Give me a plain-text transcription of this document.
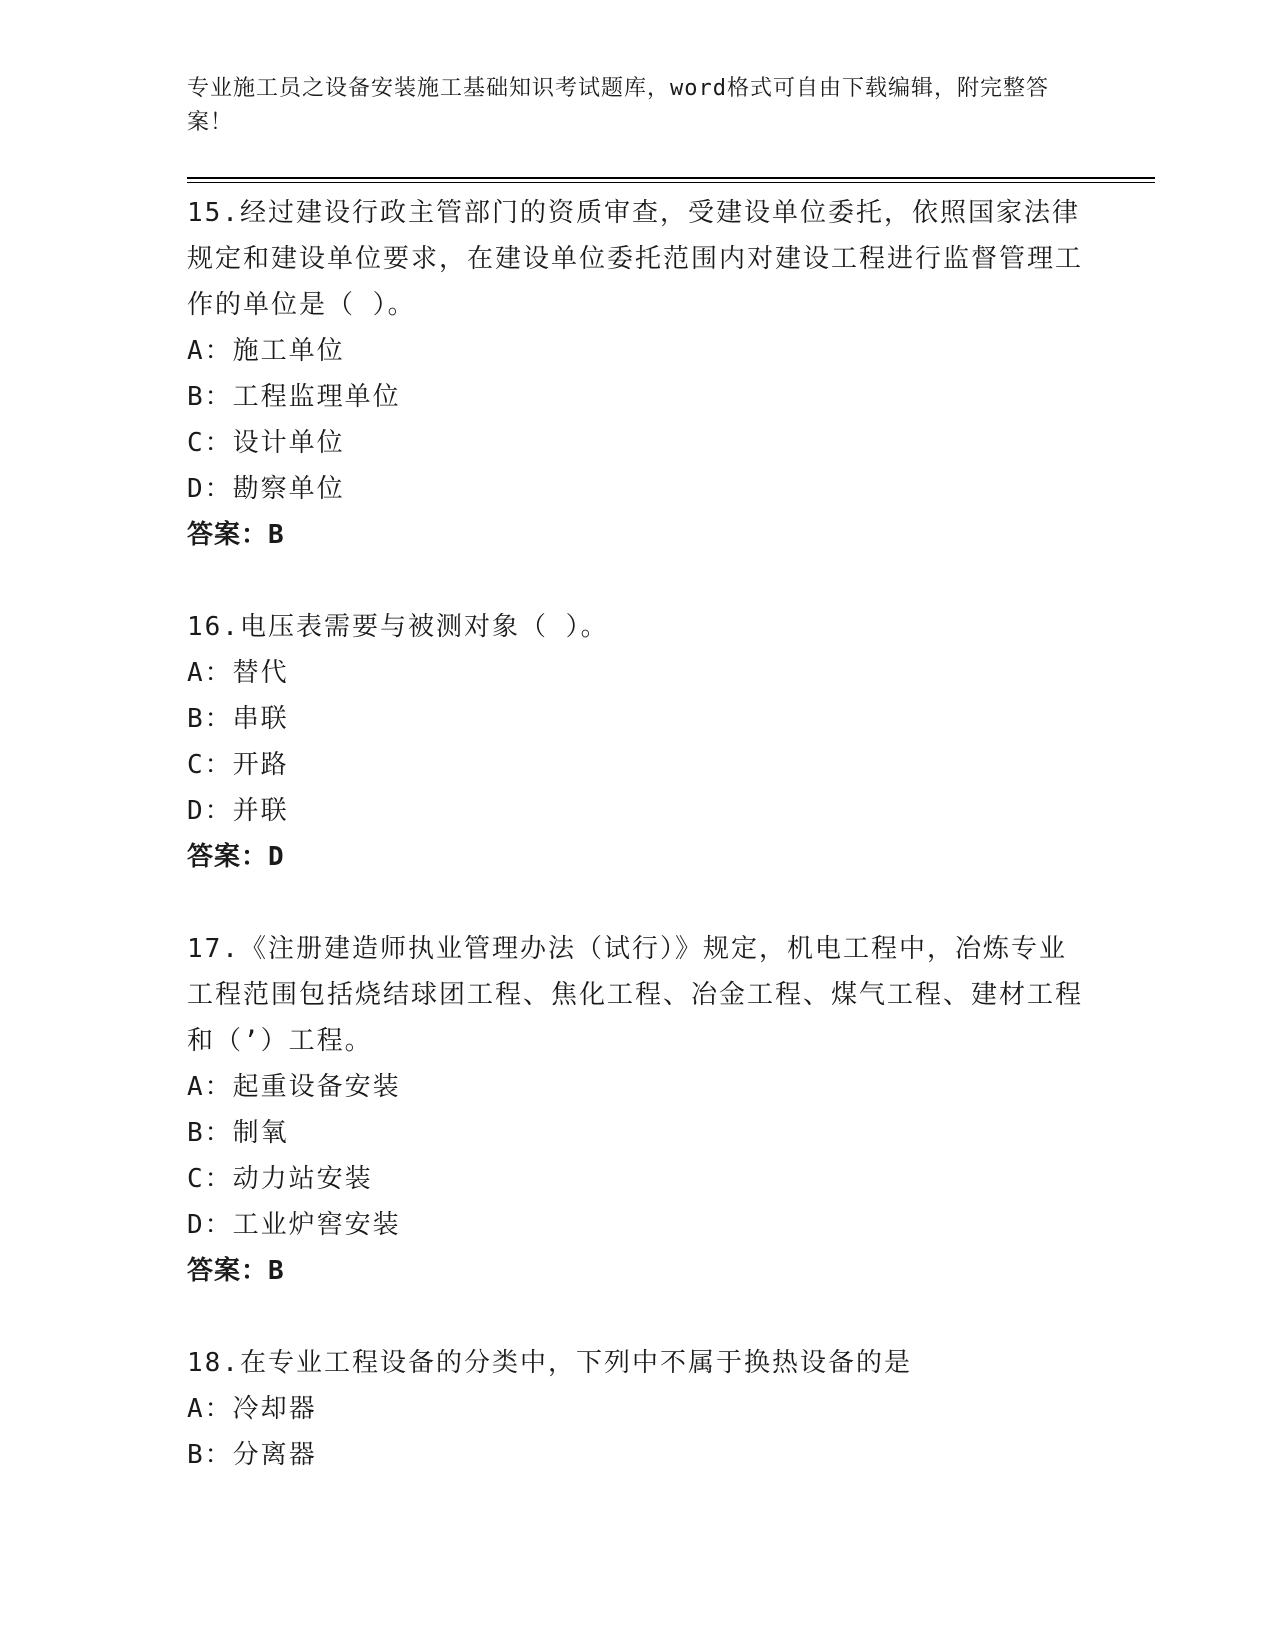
专业施工员之设备安装施工基础知识考试题库，word格式可自由下载编辑，附完整答案！

15.经过建设行政主管部门的资质审查，受建设单位委托，依照国家法律规定和建设单位要求，在建设单位委托范围内对建设工程进行监督管理工作的单位是（ ）。

A：施工单位

B：工程监理单位

C：设计单位

D：勘察单位

答案：B

16.电压表需要与被测对象（ ）。

A：替代

B：串联

C：开路

D：并联

答案：D

17.《注册建造师执业管理办法（试行）》规定，机电工程中，冶炼专业工程范围包括烧结球团工程、焦化工程、冶金工程、煤气工程、建材工程和（’）工程。

A：起重设备安装

B：制氧

C：动力站安装

D：工业炉窖安装

答案：B

18.在专业工程设备的分类中，下列中不属于换热设备的是

A：冷却器

B：分离器
